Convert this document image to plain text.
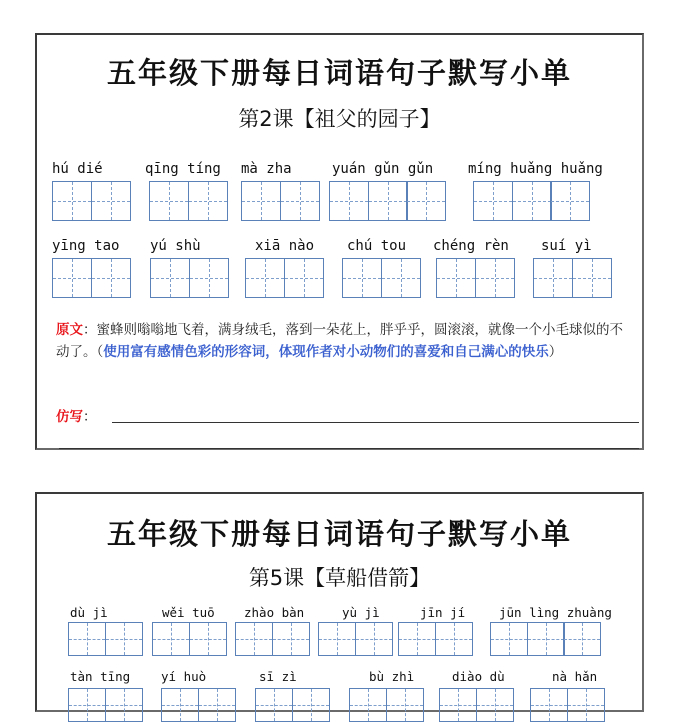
五年级下册每日词语句子默写小单
第2课【祖父的园子】
hú dié	qīng tíng	mà zha	yuán gǔn gǔn	míng huǎng huǎng
yīng tao	yú shù	xiā nào	chú tou	chéng rèn	suí yì
原文：蜜蜂则嗡嗡地飞着，满身绒毛，落到一朵花上，胖乎乎，圆滚滚，就像一个小毛球似的不动了。（使用富有感情色彩的形容词，体现作者对小动物们的喜爱和自己满心的快乐）
仿写：
五年级下册每日词语句子默写小单
第5课【草船借箭】
dù jì	wěi tuō	zhào bàn	yù jì	jīn jí	jūn lìng zhuàng
tàn tīng	yí huò	sī zì	bù zhì	diào dù	nà hǎn
